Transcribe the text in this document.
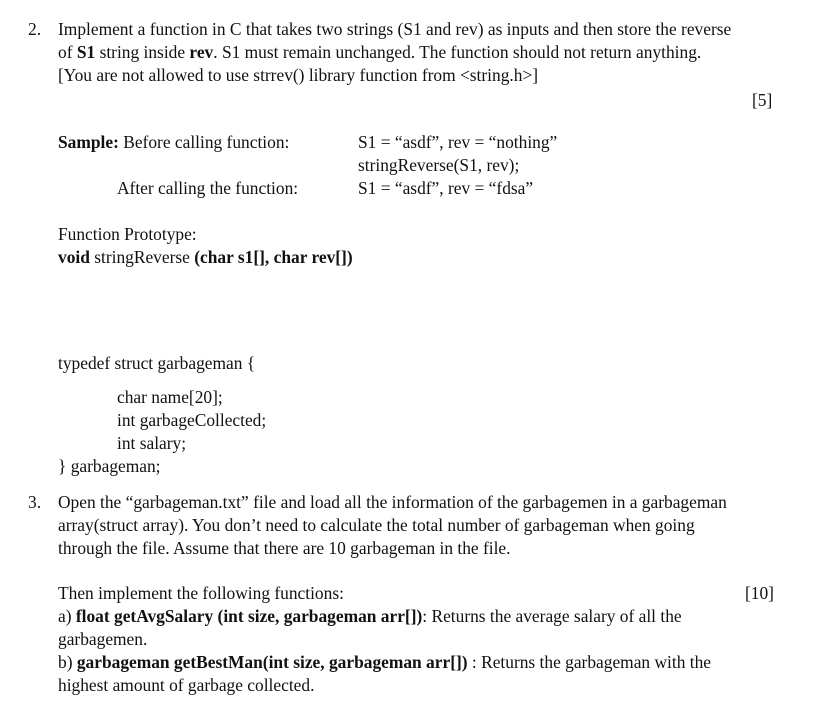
2. Implement a function in C that takes two strings (S1 and rev) as inputs and then store the reverse
of S1 string inside rev. S1 must remain unchanged. The function should not return anything.
[You are not allowed to use strrev() library function from <string.h>]
[5]
Sample: Before calling function:	S1 = “asdf”, rev = “nothing”
stringReverse(S1, rev);
After calling the function:	S1 = “asdf”, rev = “fdsa”
Function Prototype:
void stringReverse (char s1[], char rev[])
typedef struct garbageman {
char name[20];
int garbageCollected;
int salary;
} garbageman;
3. Open the “garbageman.txt” file and load all the information of the garbagemen in a garbageman
array(struct array). You don’t need to calculate the total number of garbageman when going
through the file. Assume that there are 10 garbageman in the file.
Then implement the following functions:	[10]
a) float getAvgSalary (int size, garbageman arr[]): Returns the average salary of all the
garbagemen.
b) garbageman getBestMan(int size, garbageman arr[]) : Returns the garbageman with the
highest amount of garbage collected.
